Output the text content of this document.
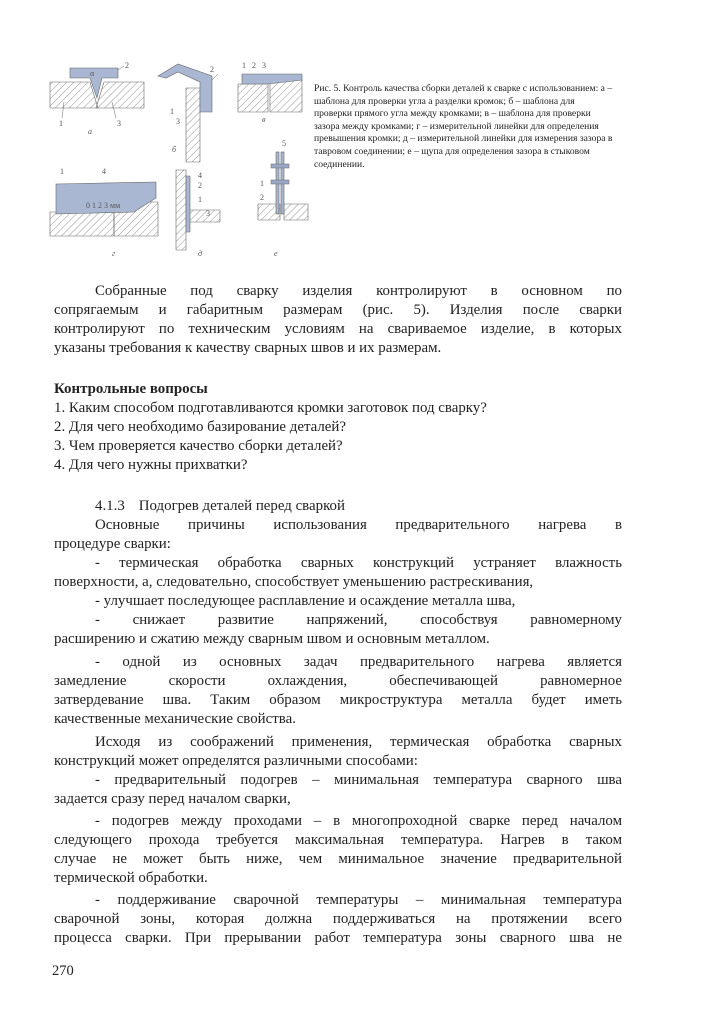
α
2
1	3
а
2
1
3
б
1 2 3
в
0 1 2 3 мм
1	4
г
4
2
1
3
д
5
1
2
е
Рис. 5. Контроль качества сборки деталей к сварке с использованием: а – шаблона для проверки угла а разделки кромок; б – шаблона для проверки прямого угла между кромками; в – шаблона для проверки зазора между кромками; г – измерительной линейки для определения превышения кромки; д – измерительной линейки для измерения зазора в тавровом соединении; е – щупа для определения зазора в стыковом соединении.
Собранные под сварку изделия контролируют в основном по
сопрягаемым и габаритным размерам (рис. 5). Изделия после сварки
контролируют по техническим условиям на свариваемое изделие, в которых
указаны требования к качеству сварных швов и их размерам.
Контрольные вопросы
1. Каким способом подготавливаются кромки заготовок под сварку?
2. Для чего необходимо базирование деталей?
3. Чем проверяется качество сборки деталей?
4. Для чего нужны прихватки?
4.1.3 Подогрев деталей перед сваркой
Основные причины использования предварительного нагрева в
процедуре сварки:
- термическая обработка сварных конструкций устраняет влажность
поверхности, а, следовательно, способствует уменьшению растрескивания,
- улучшает последующее расплавление и осаждение металла шва,
- снижает развитие напряжений, способствуя равномерному
расширению и сжатию между сварным швом и основным металлом.
- одной из основных задач предварительного нагрева является
замедление скорости охлаждения, обеспечивающей равномерное
затвердевание шва. Таким образом микроструктура металла будет иметь
качественные механические свойства.
Исходя из соображений применения, термическая обработка сварных
конструкций может определятся различными способами:
- предварительный подогрев – минимальная температура сварного шва
задается сразу перед началом сварки,
- подогрев между проходами – в многопроходной сварке перед началом
следующего прохода требуется максимальная температура. Нагрев в таком
случае не может быть ниже, чем минимальное значение предварительной
термической обработки.
- поддерживание сварочной температуры – минимальная температура
сварочной зоны, которая должна поддерживаться на протяжении всего
процесса сварки. При прерывании работ температура зоны сварного шва не
270
